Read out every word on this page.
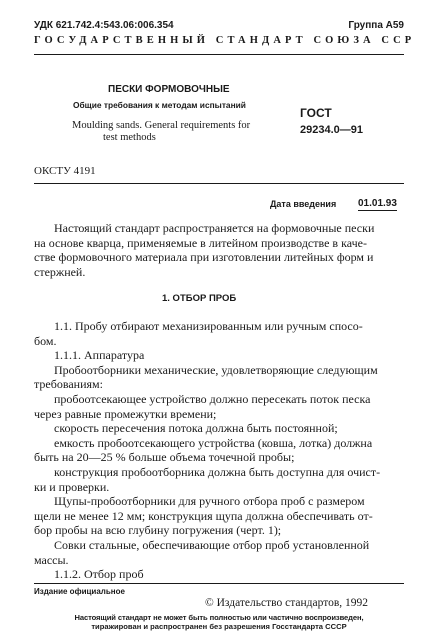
УДК 621.742.4:543.06:006.354	Группа А59
ГОСУДАРСТВЕННЫЙ СТАНДАРТ СОЮЗА ССР
ПЕСКИ ФОРМОВОЧНЫЕ
Общие требования к методам испытаний
Moulding sands. General requirements for
test methods
ГОСТ
29234.0—91
ОКСТУ 4191
Дата введения 01.01.93
Настоящий стандарт распространяется на формовочные пески
на основе кварца, применяемые в литейном производстве в каче-
стве формовочного материала при изготовлении литейных форм и
стержней.
1. ОТБОР ПРОБ
1.1. Пробу отбирают механизированным или ручным спосо-
бом.
1.1.1. Аппаратура
Пробоотборники механические, удовлетворяющие следующим
требованиям:
пробоотсекающее устройство должно пересекать поток песка
через равные промежутки времени;
скорость пересечения потока должна быть постоянной;
емкость пробоотсекающего устройства (ковша, лотка) должна
быть на 20—25 % больше объема точечной пробы;
конструкция пробоотборника должна быть доступна для очист-
ки и проверки.
Щупы-пробоотборники для ручного отбора проб с размером
щели не менее 12 мм; конструкция щупа должна обеспечивать от-
бор пробы на всю глубину погружения (черт. 1);
Совки стальные, обеспечивающие отбор проб установленной
массы.
1.1.2. Отбор проб
Издание официальное
© Издательство стандартов, 1992
Настоящий стандарт не может быть полностью или частично воспроизведен,
тиражирован и распространен без разрешения Госстандарта СССР
